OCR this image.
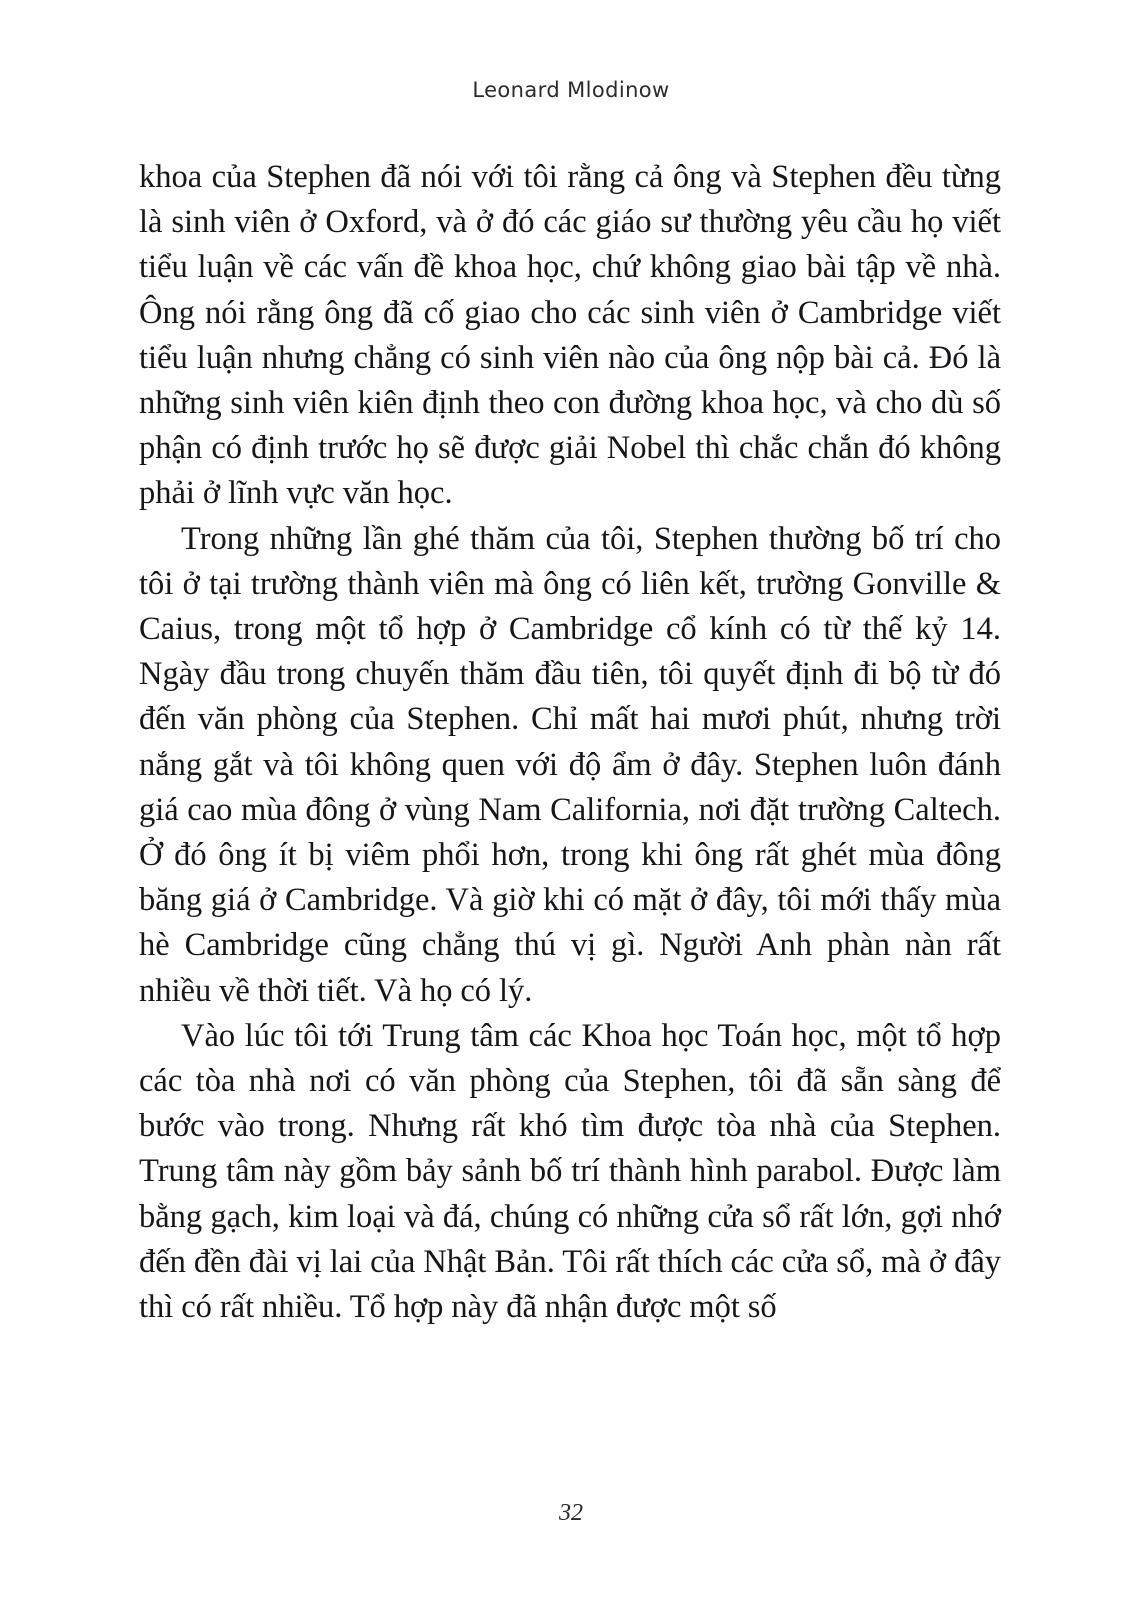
Leonard Mlodinow

khoa của Stephen đã nói với tôi rằng cả ông và Stephen đều từng là sinh viên ở Oxford, và ở đó các giáo sư thường yêu cầu họ viết tiểu luận về các vấn đề khoa học, chứ không giao bài tập về nhà. Ông nói rằng ông đã cố giao cho các sinh viên ở Cambridge viết tiểu luận nhưng chẳng có sinh viên nào của ông nộp bài cả. Đó là những sinh viên kiên định theo con đường khoa học, và cho dù số phận có định trước họ sẽ được giải Nobel thì chắc chắn đó không phải ở lĩnh vực văn học.

Trong những lần ghé thăm của tôi, Stephen thường bố trí cho tôi ở tại trường thành viên mà ông có liên kết, trường Gonville & Caius, trong một tổ hợp ở Cambridge cổ kính có từ thế kỷ 14. Ngày đầu trong chuyến thăm đầu tiên, tôi quyết định đi bộ từ đó đến văn phòng của Stephen. Chỉ mất hai mươi phút, nhưng trời nắng gắt và tôi không quen với độ ẩm ở đây. Stephen luôn đánh giá cao mùa đông ở vùng Nam California, nơi đặt trường Caltech. Ở đó ông ít bị viêm phổi hơn, trong khi ông rất ghét mùa đông băng giá ở Cambridge. Và giờ khi có mặt ở đây, tôi mới thấy mùa hè Cambridge cũng chẳng thú vị gì. Người Anh phàn nàn rất nhiều về thời tiết. Và họ có lý.

Vào lúc tôi tới Trung tâm các Khoa học Toán học, một tổ hợp các tòa nhà nơi có văn phòng của Stephen, tôi đã sẵn sàng để bước vào trong. Nhưng rất khó tìm được tòa nhà của Stephen. Trung tâm này gồm bảy sảnh bố trí thành hình parabol. Được làm bằng gạch, kim loại và đá, chúng có những cửa sổ rất lớn, gợi nhớ đến đền đài vị lai của Nhật Bản. Tôi rất thích các cửa sổ, mà ở đây thì có rất nhiều. Tổ hợp này đã nhận được một số

32
